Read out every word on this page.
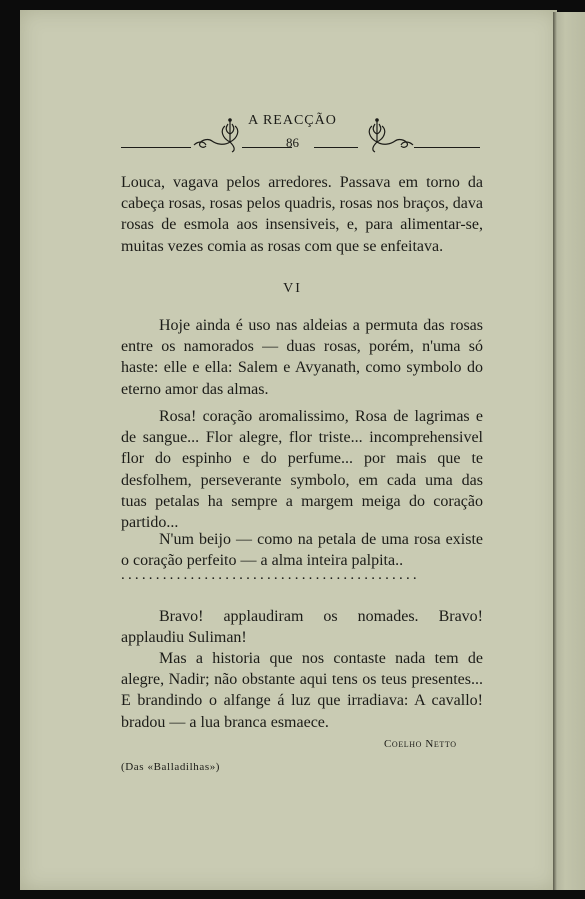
A REACÇÃO
86

Louca, vagava pelos arredores. Passava em torno da cabeça rosas, rosas pelos quadris, rosas nos braços, dava rosas de esmola aos insensiveis, e, para alimentar-se, muitas vezes comia as rosas com que se enfeitava.

VI

Hoje ainda é uso nas aldeias a permuta das rosas entre os namorados — duas rosas, porém, n'uma só haste: elle e ella: Salem e Avyanath, como symbolo do eterno amor das almas.

Rosa! coração aromalissimo, Rosa de lagrimas e de sangue... Flor alegre, flor triste... incomprehensivel flor do espinho e do perfume... por mais que te desfolhem, perseverante symbolo, em cada uma das tuas petalas ha sempre a margem meiga do coração partido...

N'um beijo — como na petala de uma rosa existe o coração perfeito — a alma inteira palpita..

...........................................

Bravo! applaudiram os nomades. Bravo! applaudiu Suliman!

Mas a historia que nos contaste nada tem de alegre, Nadir; não obstante aqui tens os teus presentes... E brandindo o alfange á luz que irradiava: A cavallo! bradou — a lua branca esmaece.

Coelho Netto
(Das «Balladilhas»)
